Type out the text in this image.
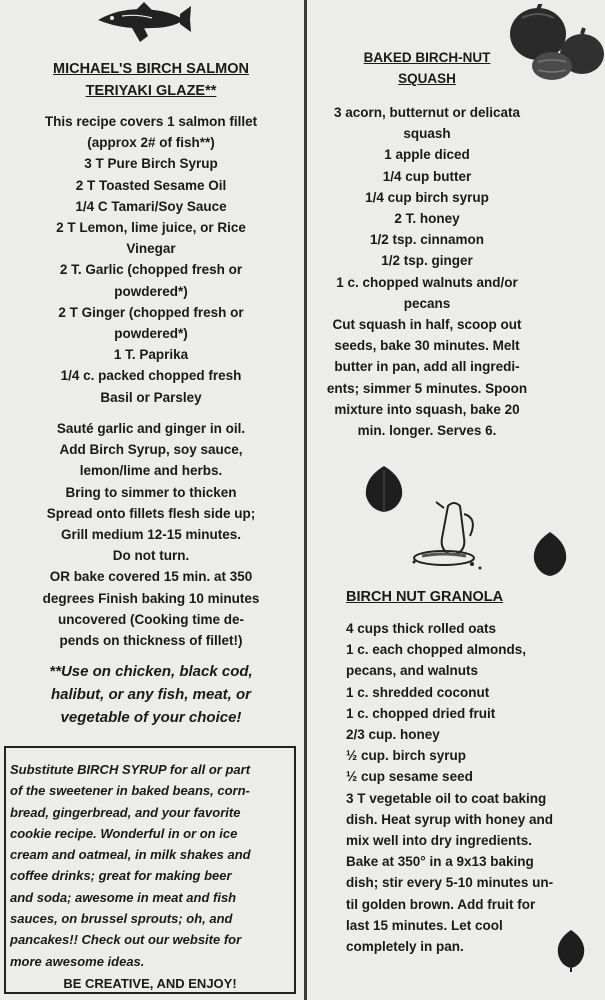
MICHAEL'S BIRCH SALMON
TERIYAKI GLAZE**
This recipe covers 1 salmon fillet
(approx 2# of fish**)
3 T Pure Birch Syrup
2 T Toasted Sesame Oil
1/4 C Tamari/Soy Sauce
2 T Lemon, lime juice, or Rice
Vinegar
2 T. Garlic (chopped fresh or
powdered*)
2 T Ginger (chopped fresh or
powdered*)
1 T. Paprika
1/4 c. packed chopped fresh
Basil or Parsley
Sauté garlic and ginger in oil.
Add Birch Syrup, soy sauce,
lemon/lime and herbs.
Bring to simmer to thicken
Spread onto fillets flesh side up;
Grill medium 12-15 minutes.
Do not turn.
OR bake covered 15 min. at 350
degrees Finish baking 10 minutes
uncovered (Cooking time de-
pends on thickness of fillet!)
**Use on chicken, black cod,
halibut, or any fish, meat, or
vegetable of your choice!
Substitute BIRCH SYRUP for all or part
of the sweetener in baked beans, corn-
bread, gingerbread, and your favorite
cookie recipe. Wonderful in or on ice
cream and oatmeal, in milk shakes and
coffee drinks; great for making beer
and soda; awesome in meat and fish
sauces, on brussel sprouts; oh, and
pancakes!! Check out our website for
more awesome ideas.
BE CREATIVE, AND ENJOY!
BAKED BIRCH-NUT
SQUASH
3 acorn, butternut or delicata
squash
1 apple diced
1/4 cup butter
1/4 cup birch syrup
2 T. honey
1/2 tsp. cinnamon
1/2 tsp. ginger
1 c. chopped walnuts and/or
pecans
Cut squash in half, scoop out
seeds, bake 30 minutes. Melt
butter in pan, add all ingredi-
ents; simmer 5 minutes. Spoon
mixture into squash, bake 20
min. longer. Serves 6.
BIRCH NUT GRANOLA
4 cups thick rolled oats
1 c. each chopped almonds,
pecans, and walnuts
1 c. shredded coconut
1 c. chopped dried fruit
2/3 cup. honey
½ cup. birch syrup
½ cup sesame seed
3 T vegetable oil to coat baking
dish. Heat syrup with honey and
mix well into dry ingredients.
Bake at 350° in a 9x13 baking
dish; stir every 5-10 minutes un-
til golden brown. Add fruit for
last 15 minutes. Let cool
completely in pan.
